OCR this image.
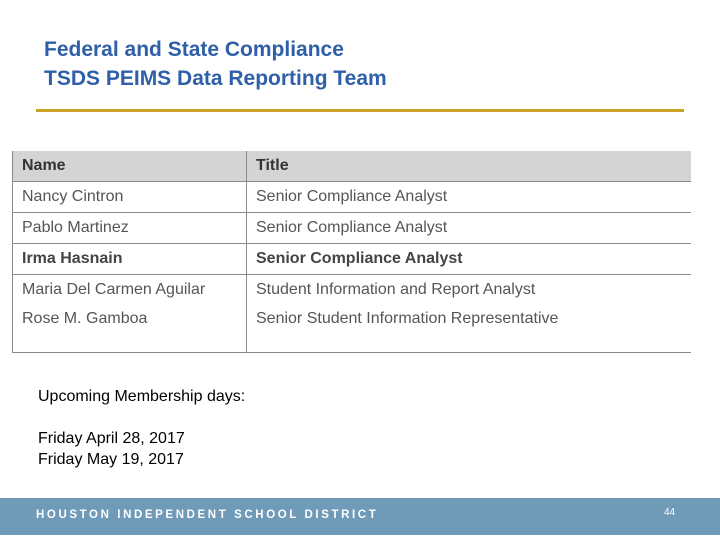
Federal and State Compliance
TSDS PEIMS Data Reporting Team
Name	Title
Nancy Cintron	Senior Compliance Analyst
Pablo Martinez	Senior Compliance Analyst
Irma Hasnain	Senior Compliance Analyst
Maria Del Carmen Aguilar	Student Information and Report Analyst
Rose M. Gamboa	Senior Student Information Representative
Upcoming Membership days:
Friday April 28, 2017
Friday May 19, 2017
HOUSTON INDEPENDENT SCHOOL DISTRICT	44
